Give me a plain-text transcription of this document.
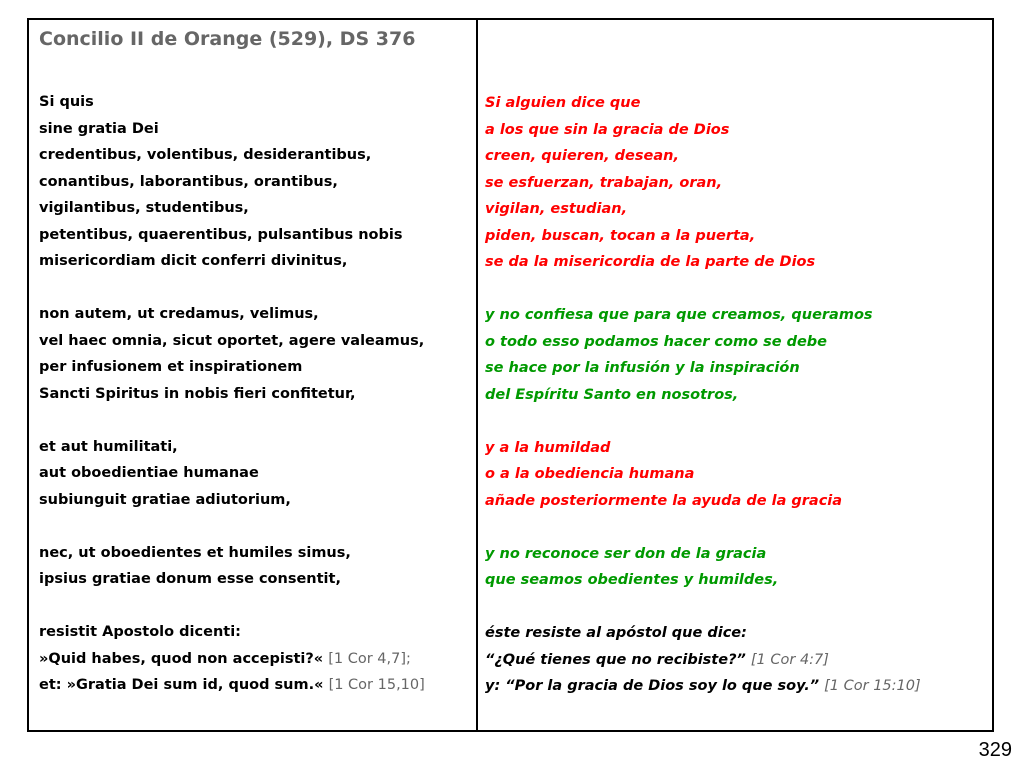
Concilio II de Orange (529), DS 376
Si quis
sine gratia Dei
credentibus, volentibus, desiderantibus,
conantibus, laborantibus, orantibus,
vigilantibus, studentibus,
petentibus, quaerentibus, pulsantibus nobis
misericordiam dicit conferri divinitus,
non autem, ut credamus, velimus,
vel haec omnia, sicut oportet, agere valeamus,
per infusionem et inspirationem
Sancti Spiritus in nobis fieri confitetur,
et aut humilitati,
aut oboedientiae humanae
subiunguit gratiae adiutorium,
nec, ut oboedientes et humiles simus,
ipsius gratiae donum esse consentit,
resistit Apostolo dicenti:
»Quid habes, quod non accepisti?« [1 Cor 4,7];
et: »Gratia Dei sum id, quod sum.« [1 Cor 15,10]
Si alguien dice que
a los que sin la gracia de Dios
creen, quieren, desean,
se esfuerzan, trabajan, oran,
vigilan, estudian,
piden, buscan, tocan a la puerta,
se da la misericordia de la parte de Dios
y no confiesa que para que creamos, queramos
o todo esso podamos hacer como se debe
se hace por la infusión y la inspiración
del Espíritu Santo en nosotros,
y a la humildad
o a la obediencia humana
añade posteriormente la ayuda de la gracia
y no reconoce ser don de la gracia
que seamos obedientes y humildes,
éste resiste al apóstol que dice:
“¿Qué tienes que no recibiste?” [1 Cor 4:7]
y: “Por la gracia de Dios soy lo que soy.” [1 Cor 15:10]
329
